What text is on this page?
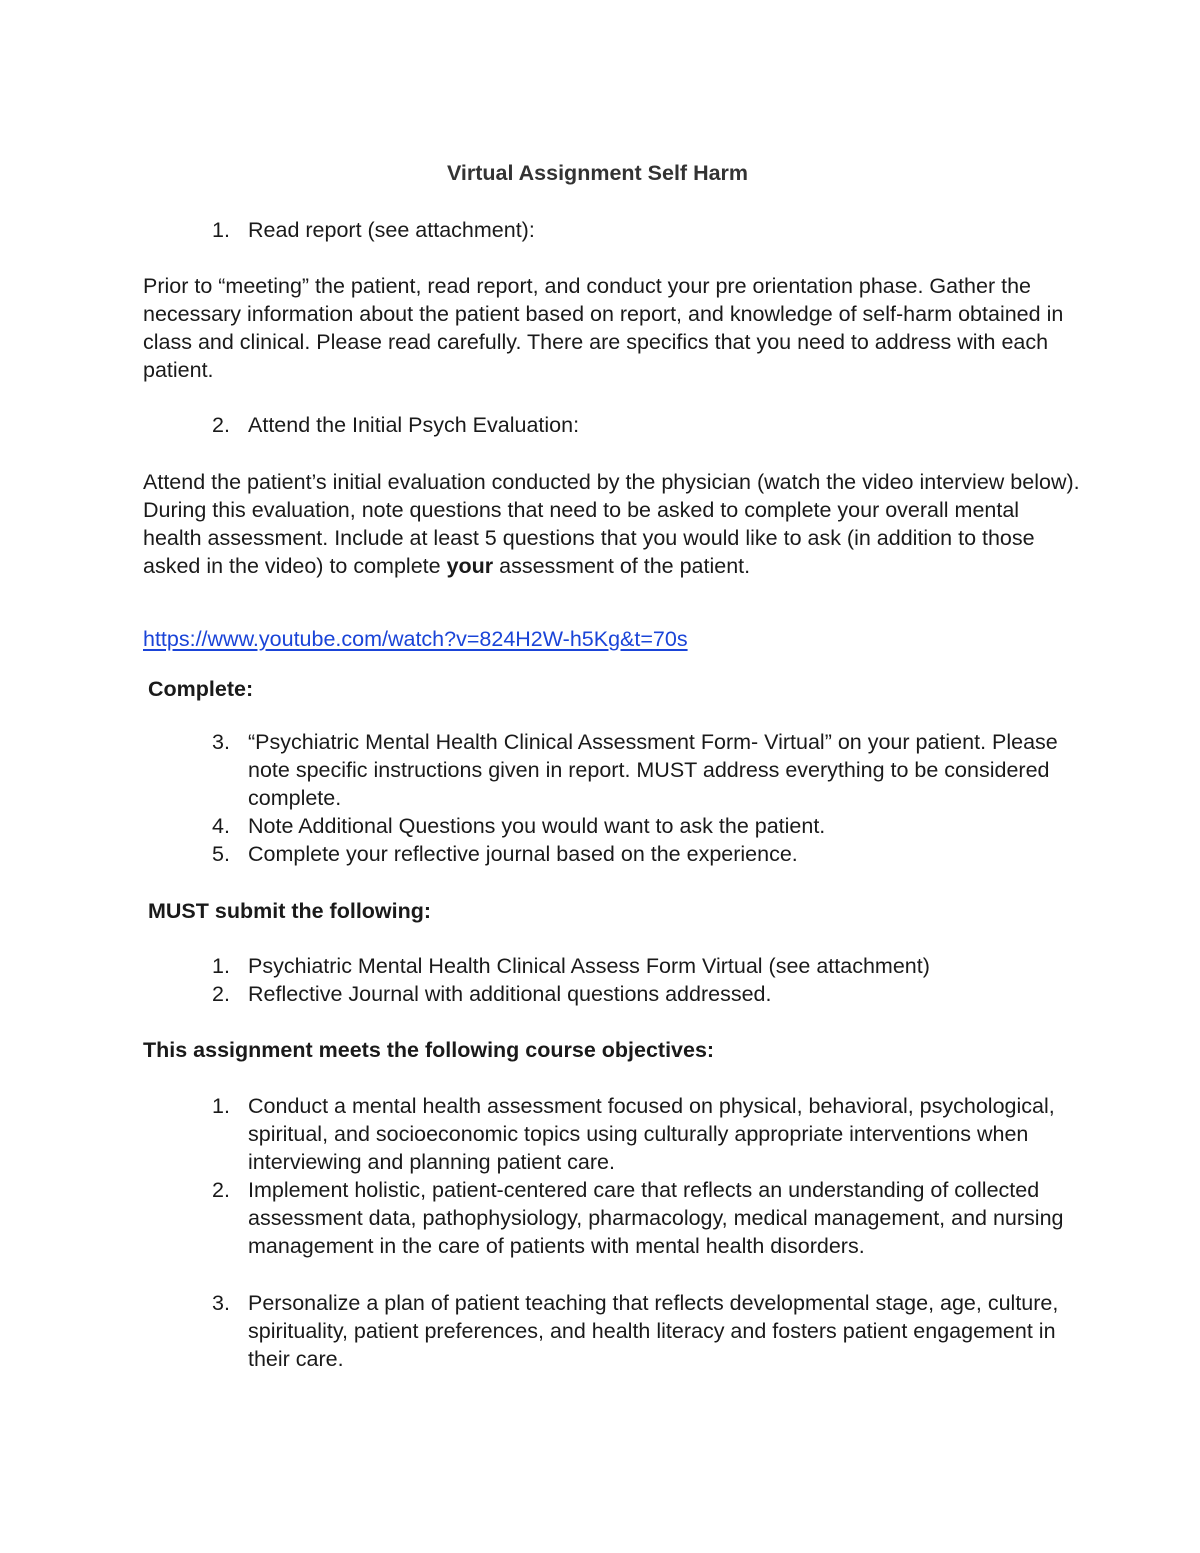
Virtual Assignment Self Harm
1. Read report (see attachment):
Prior to “meeting” the patient, read report, and conduct your pre orientation phase. Gather the necessary information about the patient based on report, and knowledge of self-harm obtained in class and clinical. Please read carefully. There are specifics that you need to address with each patient.
2. Attend the Initial Psych Evaluation:
Attend the patient’s initial evaluation conducted by the physician (watch the video interview below). During this evaluation, note questions that need to be asked to complete your overall mental health assessment. Include at least 5 questions that you would like to ask (in addition to those asked in the video) to complete your assessment of the patient.
https://www.youtube.com/watch?v=824H2W-h5Kg&t=70s
Complete:
3. “Psychiatric Mental Health Clinical Assessment Form- Virtual” on your patient. Please note specific instructions given in report. MUST address everything to be considered complete.
4. Note Additional Questions you would want to ask the patient.
5. Complete your reflective journal based on the experience.
MUST submit the following:
1. Psychiatric Mental Health Clinical Assess Form Virtual (see attachment)
2. Reflective Journal with additional questions addressed.
This assignment meets the following course objectives:
1. Conduct a mental health assessment focused on physical, behavioral, psychological, spiritual, and socioeconomic topics using culturally appropriate interventions when interviewing and planning patient care.
2. Implement holistic, patient-centered care that reflects an understanding of collected assessment data, pathophysiology, pharmacology, medical management, and nursing management in the care of patients with mental health disorders.
3. Personalize a plan of patient teaching that reflects developmental stage, age, culture, spirituality, patient preferences, and health literacy and fosters patient engagement in their care.
